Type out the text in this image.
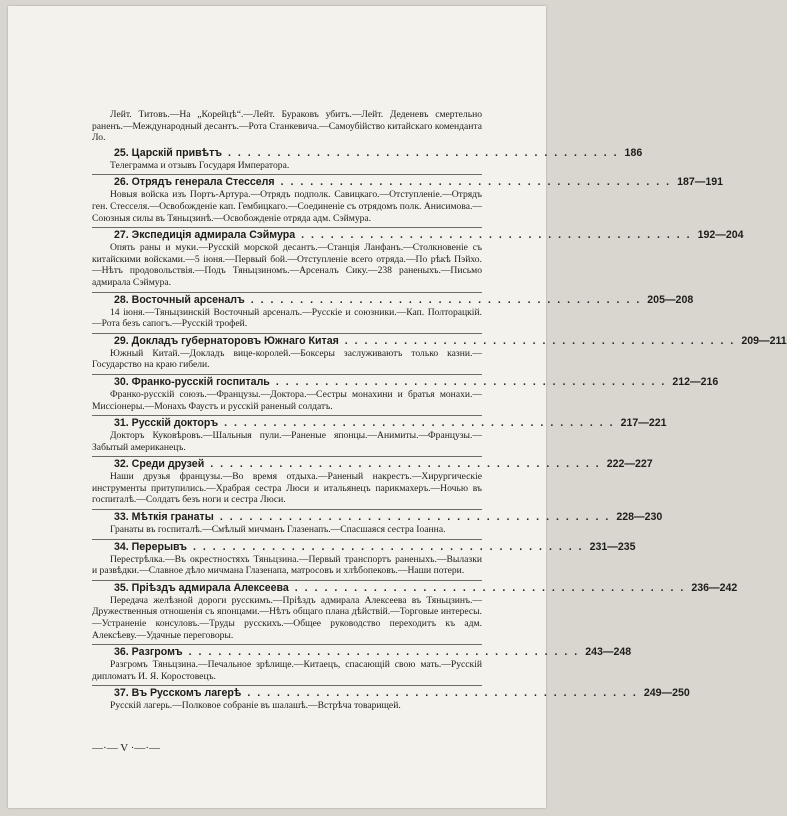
Лейт. Титовъ.—На „Корейцѣ“.—Лейт. Бураковъ убитъ.—Лейт. Деденевъ смертельно раненъ.—Международный десантъ.—Рота Станкевича.—Самоубійство китайскаго коменданта Ло.

25. Царскій привѣтъ . . . . . . . . . . . . . . . . . . . . . . . . . . . . . . . . . . . . . . . . 186

Телеграмма и отзывъ Государя Императора.

26. Отрядъ генерала Стесселя . . . . . . . . . . . . . . . . . . . . . . . . . . . . . . . . . . . . . . . . 187—191

Новыя войска изъ Портъ-Артура.—Отрядъ подполк. Савицкаго.—Отступленіе.—Отрядъ ген. Стесселя.—Освобожденіе кап. Гембицкаго.—Соединеніе съ отрядомъ полк. Анисимова.—Союзныя силы въ Тяньцзинѣ.—Освобожденіе отряда адм. Сэймура.

27. Экспедиція адмирала Сэймура . . . . . . . . . . . . . . . . . . . . . . . . . . . . . . . . . . . . . . . . 192—204

Опять раны и муки.—Русскій морской десантъ.—Станція Ланфанъ.—Столкновеніе съ китайскими войсками.—5 іюня.—Первый бой.—Отступленіе всего отряда.—По рѣкѣ Пэйхо.—Нѣтъ продовольствія.—Подъ Тяньцзиномъ.—Арсеналъ Сику.—238 раненыхъ.—Письмо адмирала Сэймура.

28. Восточный арсеналъ . . . . . . . . . . . . . . . . . . . . . . . . . . . . . . . . . . . . . . . . 205—208

14 іюня.—Тяньцзинскій Восточный арсеналъ.—Русскіе и союзники.—Кап. Полторацкій.—Рота безъ сапогъ.—Русскій трофей.

29. Докладъ губернаторовъ Южнаго Китая . . . . . . . . . . . . . . . . . . . . . . . . . . . . . . . . . . . . . . . . 209—211

Южный Китай.—Докладъ вице-королей.—Боксеры заслуживаютъ только казни.—Государство на краю гибели.

30. Франко-русскій госпиталь . . . . . . . . . . . . . . . . . . . . . . . . . . . . . . . . . . . . . . . . 212—216

Франко-русскій союзъ.—Французы.—Доктора.—Сестры монахини и братья монахи.—Миссіонеры.—Монахъ Фаустъ и русскій раненый солдатъ.

31. Русскій докторъ . . . . . . . . . . . . . . . . . . . . . . . . . . . . . . . . . . . . . . . . 217—221

Докторъ Куковѣровъ.—Шальныя пули.—Раненые японцы.—Анимиты.—Французы.—Забытый американецъ.

32. Среди друзей . . . . . . . . . . . . . . . . . . . . . . . . . . . . . . . . . . . . . . . . 222—227

Наши друзья французы.—Во время отдыха.—Раненый накрестъ.—Хирургическіе инструменты притупились.—Храбрая сестра Люси и итальянецъ парикмахеръ.—Ночью въ госпиталѣ.—Солдатъ безъ ноги и сестра Люси.

33. Мѣткія гранаты . . . . . . . . . . . . . . . . . . . . . . . . . . . . . . . . . . . . . . . . 228—230

Гранаты въ госпиталѣ.—Смѣлый мичманъ Глазенапъ.—Спасшаяся сестра Іоанна.

34. Перерывъ . . . . . . . . . . . . . . . . . . . . . . . . . . . . . . . . . . . . . . . . 231—235

Перестрѣлка.—Въ окрестностяхъ Тяньцзина.—Первый транспортъ раненыхъ.—Вылазки и развѣдки.—Славное дѣло мичмана Глазенапа, матросовъ и хлѣбопековъ.—Наши потери.

35. Пріѣздъ адмирала Алексеева . . . . . . . . . . . . . . . . . . . . . . . . . . . . . . . . . . . . . . . . 236—242

Передача желѣзной дороги русскимъ.—Пріѣздъ адмирала Алексеева въ Тяньцзинъ.—Дружественныя отношенія съ японцами.—Нѣтъ общаго плана дѣйствій.—Торговые интересы.—Устраненіе консуловъ.—Труды русскихъ.—Общее руководство переходитъ къ адм. Алексѣеву.—Удачные переговоры.

36. Разгромъ . . . . . . . . . . . . . . . . . . . . . . . . . . . . . . . . . . . . . . . . 243—248

Разгромъ Тяньцзина.—Печальное зрѣлище.—Китаецъ, спасающій свою мать.—Русскій дипломатъ И. Я. Коростовецъ.

37. Въ Русскомъ лагерѣ . . . . . . . . . . . . . . . . . . . . . . . . . . . . . . . . . . . . . . . . 249—250

Русскій лагерь.—Полковое собраніе въ шалашѣ.—Встрѣча товарищей.

—·— V ·—·—
